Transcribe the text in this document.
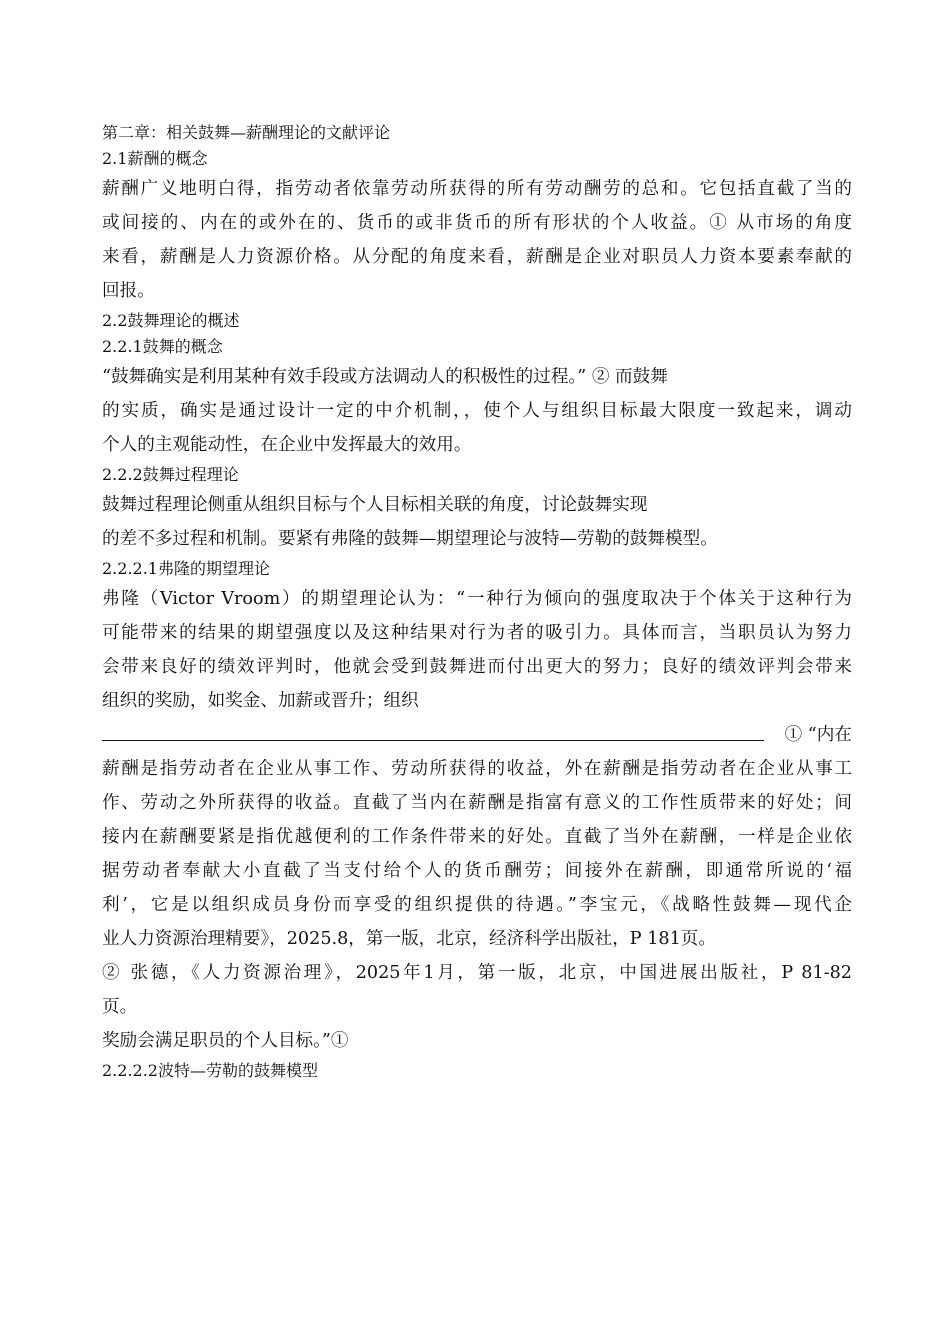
第二章：相关鼓舞—薪酬理论的文献评论
2.1薪酬的概念
薪酬广义地明白得，指劳动者依靠劳动所获得的所有劳动酬劳的总和。它包括直截了当的
或间接的、内在的或外在的、货币的或非货币的所有形状的个人收益。① 从市场的角度
来看，薪酬是人力资源价格。从分配的角度来看，薪酬是企业对职员人力资本要素奉献的
回报。
2.2鼓舞理论的概述
2.2.1鼓舞的概念
“鼓舞确实是利用某种有效手段或方法调动人的积极性的过程。” ② 而鼓舞
的实质，确实是通过设计一定的中介机制，，使个人与组织目标最大限度一致起来，调动
个人的主观能动性，在企业中发挥最大的效用。
2.2.2鼓舞过程理论
鼓舞过程理论侧重从组织目标与个人目标相关联的角度，讨论鼓舞实现
的差不多过程和机制。要紧有弗隆的鼓舞—期望理论与波特—劳勒的鼓舞模型。
2.2.2.1弗隆的期望理论
弗隆（Victor Vroom）的期望理论认为：“一种行为倾向的强度取决于个体关于这种行为
可能带来的结果的期望强度以及这种结果对行为者的吸引力。具体而言，当职员认为努力
会带来良好的绩效评判时，他就会受到鼓舞进而付出更大的努力；良好的绩效评判会带来
组织的奖励，如奖金、加薪或晋升；组织
① “内在
薪酬是指劳动者在企业从事工作、劳动所获得的收益，外在薪酬是指劳动者在企业从事工
作、劳动之外所获得的收益。直截了当内在薪酬是指富有意义的工作性质带来的好处；间
接内在薪酬要紧是指优越便利的工作条件带来的好处。直截了当外在薪酬，一样是企业依
据劳动者奉献大小直截了当支付给个人的货币酬劳；间接外在薪酬，即通常所说的‘福
利’，它是以组织成员身份而享受的组织提供的待遇。”李宝元，《战略性鼓舞—现代企
业人力资源治理精要》，2025.8，第一版，北京，经济科学出版社，P 181页。
② 张德，《人力资源治理》，2025年1月，第一版，北京，中国进展出版社，P 81-82
页。
奖励会满足职员的个人目标。”①
2.2.2.2波特—劳勒的鼓舞模型
